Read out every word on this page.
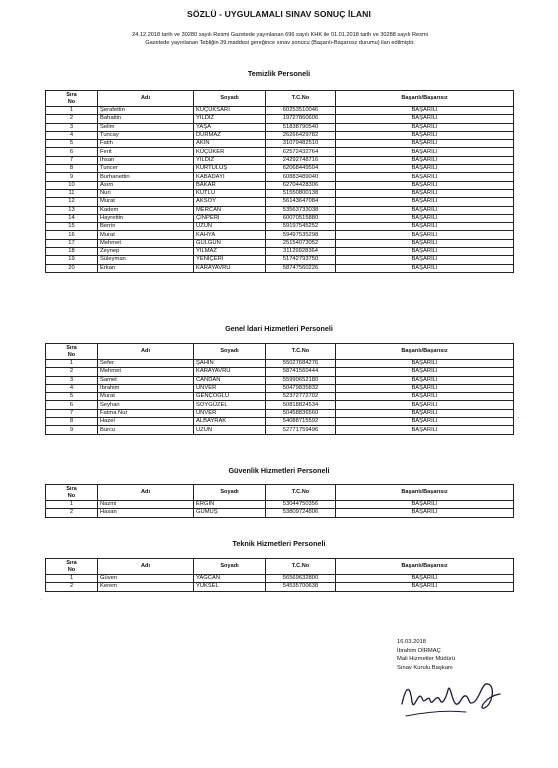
SÖZLÜ - UYGULAMALI SINAV SONUÇ İLANI
24.12.2018 tarih ve 30280 sayılı Resmi Gazetede yayınlanan 696 sayılı KHK ile 01.01.2018 tarih ve 30288 sayılı Resmi
Gazetede yayınlanan Tebliğin 39.maddesi gereğince sınav sonucu (Başarılı-Başarısız durumu) ilan edilmiştir.
Temizlik Personeli
Sıra
No	Adı	Soyadı	T.C.No	Başarılı/Başarısız
1	Şerafettin	KÜÇÜKSARI	60253510046	BAŞARILI
2	Bahattin	YILDIZ	19727860606	BAŞARILI
3	Selim	YAŞA	51838790540	BAŞARILI
4	Tuncay	DURMAZ	26266429782	BAŞARILI
5	Fatih	AKIN	31079482510	BAŞARILI
6	Ferit	KÜÇÜKER	62572432764	BAŞARILI
7	İhsan	YILDIZ	24292748716	BAŞARILI
8	Tuncer	KURTULUŞ	62068449504	BAŞARILI
9	Burhanettin	KABADAYI	60883489040	BAŞARILI
10	Asım	BAKAR	62704428306	BAŞARILI
11	Nuri	KUTLU	51550800138	BAŞARILI
12	Murat	AKSOY	56143647084	BAŞARILI
13	Kadem	MERCAN	53563733038	BAŞARILI
14	Hayrettin	ÇİNPERİ	60070515880	BAŞARILI
15	Berrin	UZUN	59197545252	BAŞARILI
16	Murat	KAHYA	59497535298	BAŞARILI
17	Mehmet	GÜLGÜN	25154073052	BAŞARILI
18	Zeynep	YILMAZ	31129928364	BAŞARILI
19	Süleyman	YENİÇERİ	51742793750	BAŞARILI
20	Erkan	KARAYAVRU	58747560226	BAŞARILI
Genel İdari Hizmetleri Personeli
Sıra
No	Adı	Soyadı	T.C.No	Başarılı/Başarısız
1	Sefer	ŞAHİN	55027684276	BAŞARILI
2	Mehmet	KARAYAVRU	58741560444	BAŞARILI
3	Samet	CANDAN	55990652180	BAŞARILI
4	İbrahim	ÜNVER	50479835832	BAŞARILI
5	Murat	GENÇOĞLU	52372772702	BAŞARILI
6	Seyhan	SOYGÜZEL	50818824534	BAŞARILI
7	Fatma Nur	ÜNVER	50458836560	BAŞARILI
8	Hazel	ALBAYRAK	54088715592	BAŞARILI
9	Burcu	UZUN	52771759496	BAŞARILI
Güvenlik Hizmetleri Personeli
Sıra
No	Adı	Soyadı	T.C.No	Başarılı/Başarısız
1	Nazmi	ERGİN	53044750356	BAŞARILI
2	Hasan	GÜMÜŞ	53809724806	BAŞARILI
Teknik Hizmetleri Personeli
Sıra
No	Adı	Soyadı	T.C.No	Başarılı/Başarısız
1	Güven	YAĞCAN	56569632800	BAŞARILI
2	Kerem	YÜKSEL	54535700638	BAŞARILI
16.03.2018
İbrahim DİRMAÇ
Mali Hizmetler Müdürü
Sınav Kurulu Başkanı
·
'
